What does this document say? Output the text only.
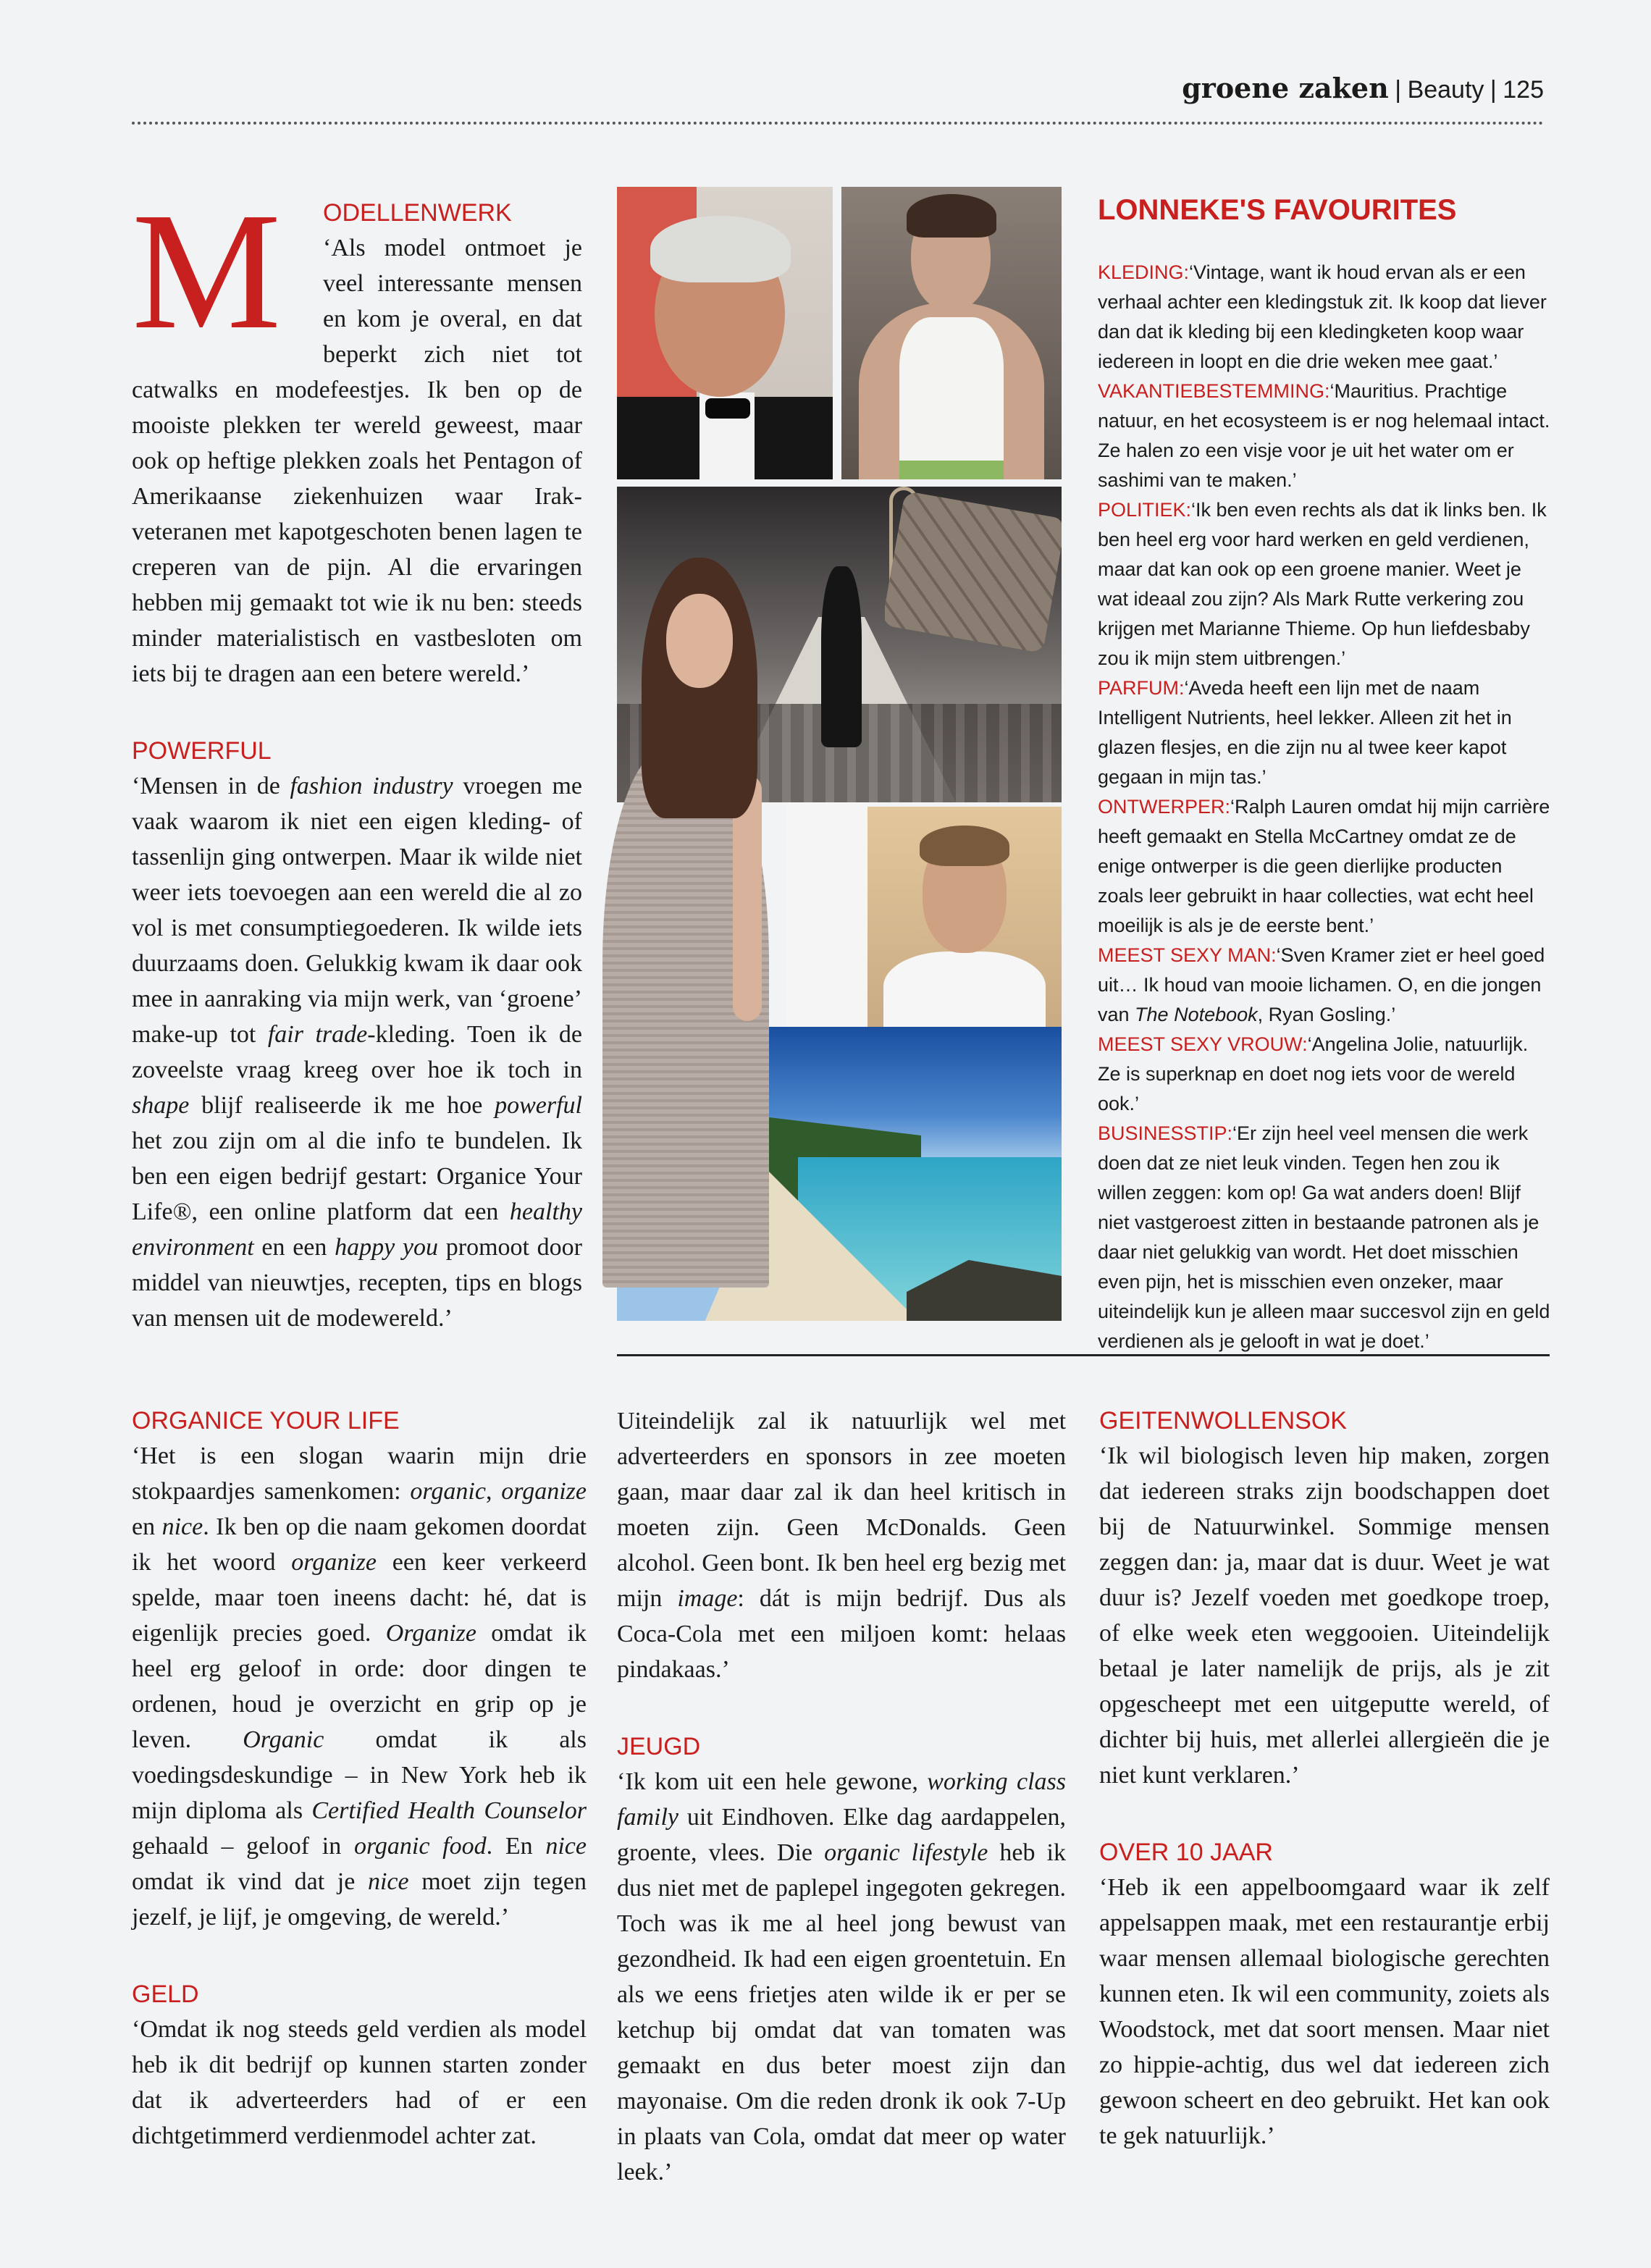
groene zaken | Beauty | 125
M	ODELLENWERK

‘Als model ontmoet je veel interessante mensen en kom je overal, en dat beperkt zich niet tot catwalks en modefeestjes. Ik ben op de mooiste plekken ter wereld geweest, maar ook op heftige plekken zoals het Pentagon of Amerikaanse ziekenhuizen waar Irak-veteranen met kapotgeschoten benen lagen te creperen van de pijn. Al die ervaringen hebben mij gemaakt tot wie ik nu ben: steeds minder materialistisch en vastbesloten om iets bij te dragen aan een betere wereld.’

POWERFUL

‘Mensen in de fashion industry vroegen me vaak waarom ik niet een eigen kleding- of tassenlijn ging ontwerpen. Maar ik wilde niet weer iets toevoegen aan een wereld die al zo vol is met consumptiegoederen. Ik wilde iets duurzaams doen. Gelukkig kwam ik daar ook mee in aanraking via mijn werk, van ‘groene’ make-up tot fair trade-kleding. Toen ik de zoveelste vraag kreeg over hoe ik toch in shape blijf realiseerde ik me hoe powerful het zou zijn om al die info te bundelen. Ik ben een eigen bedrijf gestart: Organice Your Life®, een online platform dat een healthy environment en een happy you promoot door middel van nieuwtjes, recepten, tips en blogs van mensen uit de modewereld.’

LONNEKE'S FAVOURITES

KLEDING:‘Vintage, want ik houd ervan als er een verhaal achter een kledingstuk zit. Ik koop dat liever dan dat ik kleding bij een kledingketen koop waar iedereen in loopt en die drie weken mee gaat.’

VAKANTIEBESTEMMING:‘Mauritius. Prachtige natuur, en het ecosysteem is er nog helemaal intact. Ze halen zo een visje voor je uit het water om er sashimi van te maken.’

POLITIEK:‘Ik ben even rechts als dat ik links ben. Ik ben heel erg voor hard werken en geld verdienen, maar dat kan ook op een groene manier. Weet je wat ideaal zou zijn? Als Mark Rutte verkering zou krijgen met Marianne Thieme. Op hun liefdesbaby zou ik mijn stem uitbrengen.’

PARFUM:‘Aveda heeft een lijn met de naam Intelligent Nutrients, heel lekker. Alleen zit het in glazen flesjes, en die zijn nu al twee keer kapot gegaan in mijn tas.’

ONTWERPER:‘Ralph Lauren omdat hij mijn carrière heeft gemaakt en Stella McCartney omdat ze de enige ontwerper is die geen dierlijke producten zoals leer gebruikt in haar collecties, wat echt heel moeilijk is als je de eerste bent.’

MEEST SEXY MAN:‘Sven Kramer ziet er heel goed uit… Ik houd van mooie lichamen. O, en die jongen van The Notebook, Ryan Gosling.’

MEEST SEXY VROUW:‘Angelina Jolie, natuurlijk. Ze is superknap en doet nog iets voor de wereld ook.’

BUSINESSTIP:‘Er zijn heel veel mensen die werk doen dat ze niet leuk vinden. Tegen hen zou ik willen zeggen: kom op! Ga wat anders doen! Blijf niet vastgeroest zitten in bestaande patronen als je daar niet gelukkig van wordt. Het doet misschien even pijn, het is misschien even onzeker, maar uiteindelijk kun je alleen maar succesvol zijn en geld verdienen als je gelooft in wat je doet.’

ORGANICE YOUR LIFE

‘Het is een slogan waarin mijn drie stokpaardjes samenkomen: organic, organize en nice. Ik ben op die naam gekomen doordat ik het woord organize een keer verkeerd spelde, maar toen ineens dacht: hé, dat is eigenlijk precies goed. Organize omdat ik heel erg geloof in orde: door dingen te ordenen, houd je overzicht en grip op je leven. Organic omdat ik als voedingsdeskundige – in New York heb ik mijn diploma als Certified Health Counselor gehaald – geloof in organic food. En nice omdat ik vind dat je nice moet zijn tegen jezelf, je lijf, je omgeving, de wereld.’

GELD

‘Omdat ik nog steeds geld verdien als model heb ik dit bedrijf op kunnen starten zonder dat ik adverteerders had of er een dichtgetimmerd verdienmodel achter zat.

Uiteindelijk zal ik natuurlijk wel met adverteerders en sponsors in zee moeten gaan, maar daar zal ik dan heel kritisch in moeten zijn. Geen McDonalds. Geen alcohol. Geen bont. Ik ben heel erg bezig met mijn image: dát is mijn bedrijf. Dus als Coca-Cola met een miljoen komt: helaas pindakaas.’

JEUGD

‘Ik kom uit een hele gewone, working class family uit Eindhoven. Elke dag aardappelen, groente, vlees. Die organic lifestyle heb ik dus niet met de paplepel ingegoten gekregen. Toch was ik me al heel jong bewust van gezondheid. Ik had een eigen groentetuin. En als we eens frietjes aten wilde ik er per se ketchup bij omdat dat van tomaten was gemaakt en dus beter moest zijn dan mayonaise. Om die reden dronk ik ook 7-Up in plaats van Cola, omdat dat meer op water leek.’

GEITENWOLLENSOK

‘Ik wil biologisch leven hip maken, zorgen dat iedereen straks zijn boodschappen doet bij de Natuurwinkel. Sommige mensen zeggen dan: ja, maar dat is duur. Weet je wat duur is? Jezelf voeden met goedkope troep, of elke week eten weggooien. Uiteindelijk betaal je later namelijk de prijs, als je zit opgescheept met een uitgeputte wereld, of dichter bij huis, met allerlei allergieën die je niet kunt verklaren.’

OVER 10 JAAR

‘Heb ik een appelboomgaard waar ik zelf appelsappen maak, met een restaurantje erbij waar mensen allemaal biologische gerechten kunnen eten. Ik wil een community, zoiets als Woodstock, met dat soort mensen. Maar niet zo hippie-achtig, dus wel dat iedereen zich gewoon scheert en deo gebruikt. Het kan ook te gek natuurlijk.’
